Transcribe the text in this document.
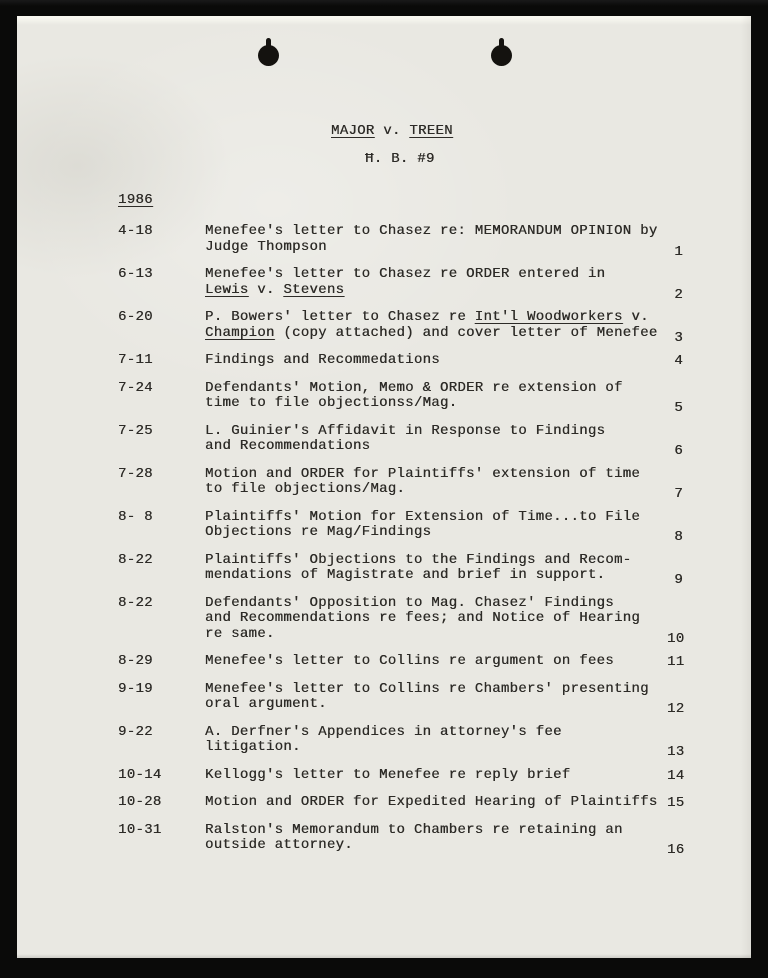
MAJOR v. TREEN
Ħ. B. #9
1986
4-18	Menefee's letter to Chasez re: MEMORANDUM OPINION by
Judge Thompson	1
6-13	Menefee's letter to Chasez re ORDER entered in
Lewis v. Stevens	2
6-20	P. Bowers' letter to Chasez re Int'l Woodworkers v.
Champion (copy attached) and cover letter of Menefee	3
7-11	Findings and Recommedations	4
7-24	Defendants' Motion, Memo & ORDER re extension of
time to file objectionss/Mag.	5
7-25	L. Guinier's Affidavit in Response to Findings
and Recommendations	6
7-28	Motion and ORDER for Plaintiffs' extension of time
to file objections/Mag.	7
8- 8	Plaintiffs' Motion for Extension of Time...to File
Objections re Mag/Findings	8
8-22	Plaintiffs' Objections to the Findings and Recom-
mendations of Magistrate and brief in support.	9
8-22	Defendants' Opposition to Mag. Chasez' Findings
and Recommendations re fees; and Notice of Hearing
re same.	10
8-29	Menefee's letter to Collins re argument on fees	11
9-19	Menefee's letter to Collins re Chambers' presenting
oral argument.	12
9-22	A. Derfner's Appendices in attorney's fee
litigation.	13
10-14	Kellogg's letter to Menefee re reply brief	14
10-28	Motion and ORDER for Expedited Hearing of Plaintiffs 15
10-31	Ralston's Memorandum to Chambers re retaining an
outside attorney.	16
